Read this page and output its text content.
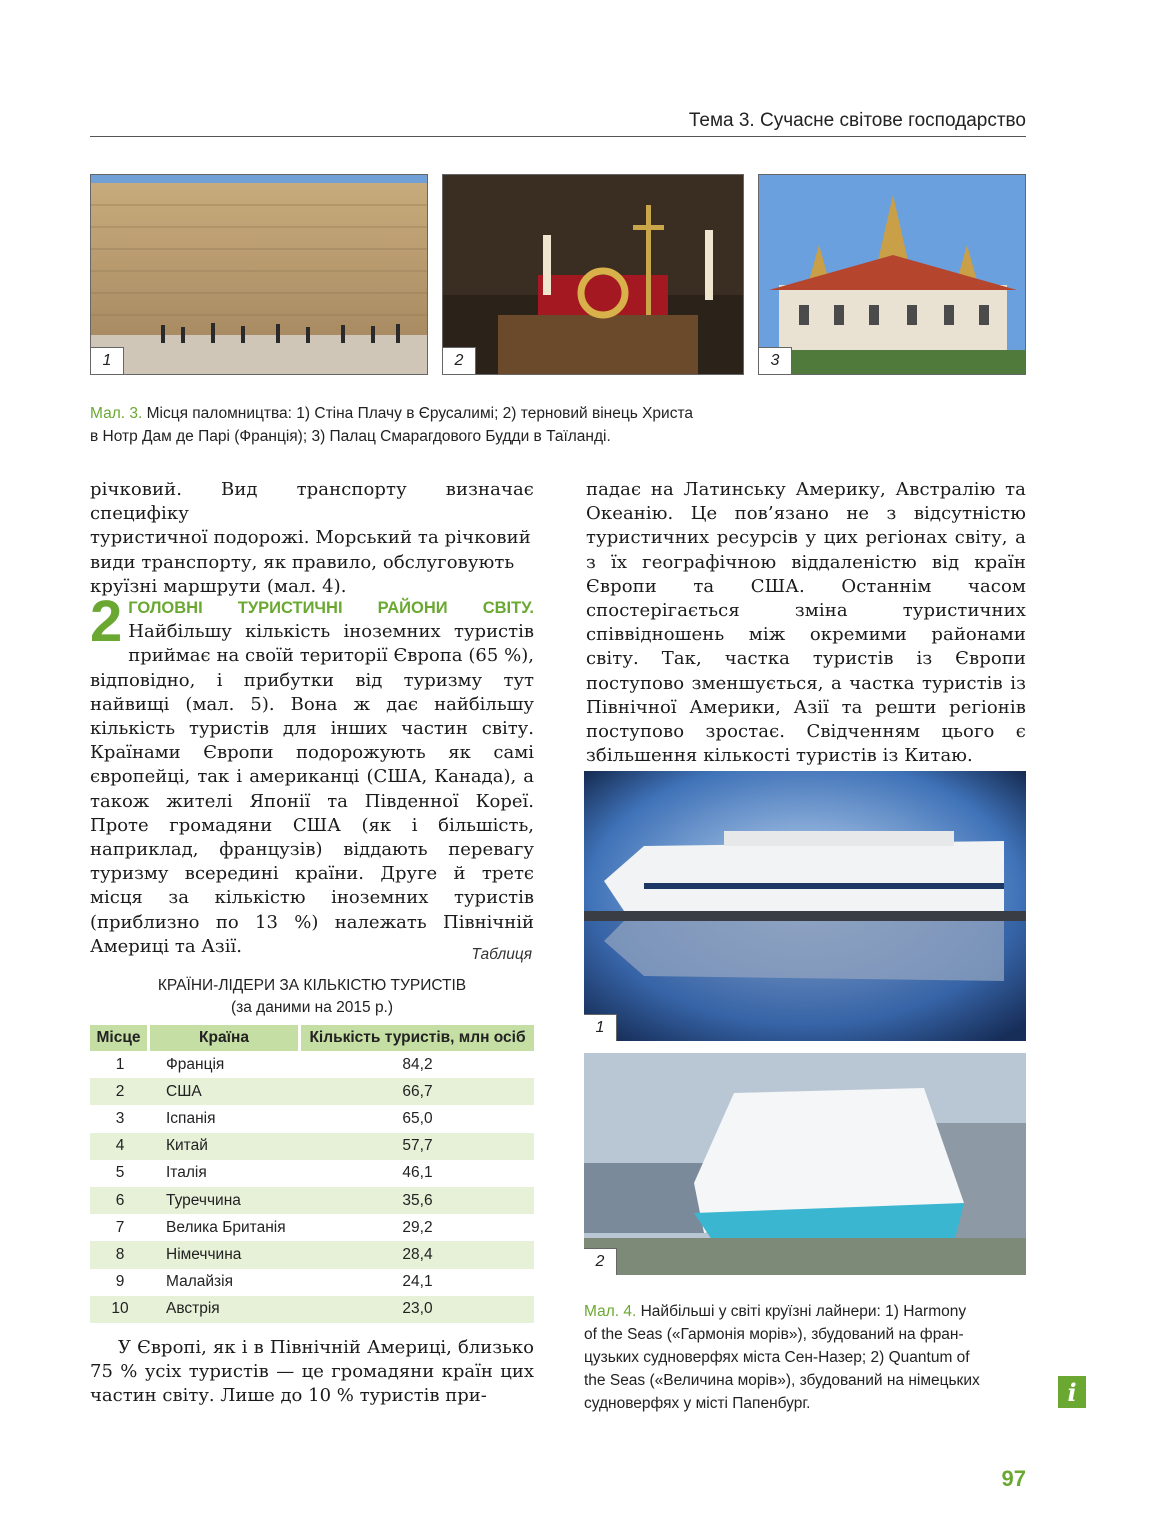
Тема 3. Сучасне світове господарство
1	2	3
Мал. 3. Місця паломництва: 1) Стіна Плачу в Єрусалимі; 2) терновий вінець Христа
в Нотр Дам де Парі (Франція); 3) Палац Смарагдового Будди в Таїланді.

річковий. Вид транспорту визначає специфіку

туристичної подорожі. Морський та річковий

види транспорту, як правило, обслуговують

круїзні маршрути (мал. 4).

2 ГОЛОВНІ ТУРИСТИЧНІ РАЙОНИ СВІТУ. Найбільшу кількість іноземних туристів приймає на своїй території Європа (65 %), відповідно, і прибутки від туризму тут найвищі (мал. 5). Вона ж дає найбільшу кількість туристів для інших частин світу. Країнами Європи подорожують як самі європейці, так і американці (США, Канада), а також жителі Японії та Південної Кореї. Проте громадяни США (як і більшість, наприклад, французів) віддають перевагу туризму всередині країни. Друге й третє місця за кількістю іноземних туристів (приблизно по 13 %) належать Північній Америці та Азії.	Таблиця
КРАЇНИ-ЛІДЕРИ ЗА КІЛЬКІСТЮ ТУРИСТІВ
(за даними на 2015 р.)
Місце	Країна	Кількість туристів, млн осіб
1	Франція	84,2
2	США	66,7
3	Іспанія	65,0
4	Китай	57,7
5	Італія	46,1
6	Туреччина	35,6
7	Велика Британія	29,2
8	Німеччина	28,4
9	Малайзія	24,1
10	Австрія	23,0
У Європі, як і в Північній Америці, близько 75 % усіх туристів — це громадяни країн цих частин світу. Лише до 10 % туристів при-
падає на Латинську Америку, Австралію та Океанію. Це пов’язано не з відсутністю туристичних ресурсів у цих регіонах світу, а з їх географічною віддаленістю від країн Європи та США. Останнім часом спостерігається зміна туристичних співвідношень між окремими районами світу. Так, частка туристів із Європи поступово зменшується, а частка туристів із Північної Америки, Азії та решти регіонів поступово зростає. Свідченням цього є збільшення кількості туристів із Китаю.
1
2
Мал. 4. Найбільші у світі круїзні лайнери: 1) Harmony
of the Seas («Гармонія морів»), збудований на фран-
цузьких судноверфях міста Сен-Назер; 2) Quantum of
the Seas («Величина морів»), збудований на німецьких
судноверфях у місті Папенбург.	i
97
